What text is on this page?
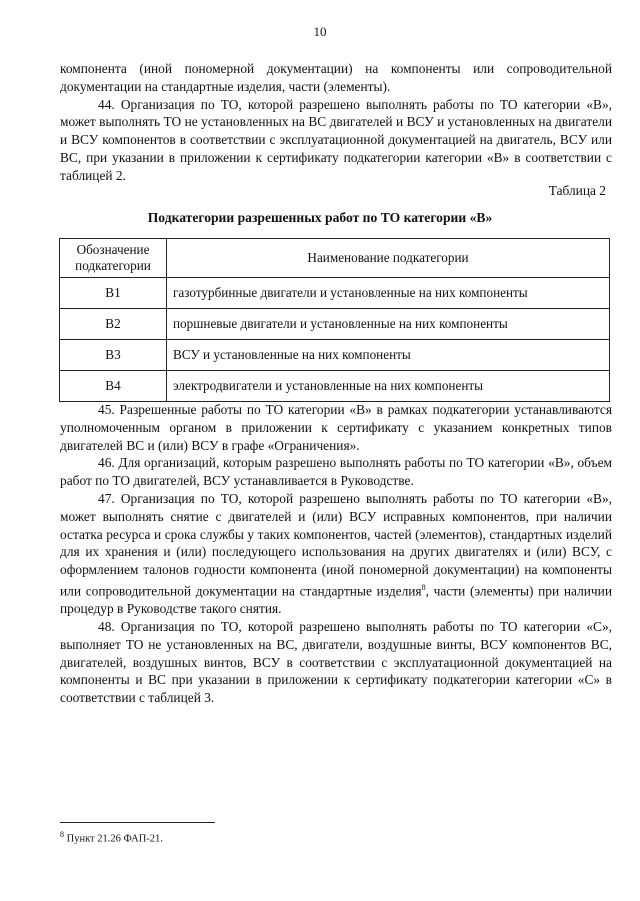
10

компонента (иной пономерной документации) на компоненты или сопроводительной документации на стандартные изделия, части (элементы).

44. Организация по ТО, которой разрешено выполнять работы по ТО категории «В», может выполнять ТО не установленных на ВС двигателей и ВСУ и установленных на двигатели и ВСУ компонентов в соответствии с эксплуатационной документацией на двигатель, ВСУ или ВС, при указании в приложении к сертификату подкатегории категории «В» в соответствии с таблицей 2.

Таблица 2
Подкатегории разрешенных работ по ТО категории «В»
Обозначение подкатегории	Наименование подкатегории
В1	газотурбинные двигатели и установленные на них компоненты
В2	поршневые двигатели и установленные на них компоненты
В3	ВСУ и установленные на них компоненты
В4	электродвигатели и установленные на них компоненты

45. Разрешенные работы по ТО категории «В» в рамках подкатегории устанавливаются уполномоченным органом в приложении к сертификату с указанием конкретных типов двигателей ВС и (или) ВСУ в графе «Ограничения».

46. Для организаций, которым разрешено выполнять работы по ТО категории «В», объем работ по ТО двигателей, ВСУ устанавливается в Руководстве.

47. Организация по ТО, которой разрешено выполнять работы по ТО категории «В», может выполнять снятие с двигателей и (или) ВСУ исправных компонентов, при наличии остатка ресурса и срока службы у таких компонентов, частей (элементов), стандартных изделий для их хранения и (или) последующего использования на других двигателях и (или) ВСУ, с оформлением талонов годности компонента (иной пономерной документации) на компоненты или сопроводительной документации на стандартные изделия$^8$, части (элементы) при наличии процедур в Руководстве такого снятия.

48. Организация по ТО, которой разрешено выполнять работы по ТО категории «С», выполняет ТО не установленных на ВС, двигатели, воздушные винты, ВСУ компонентов ВС, двигателей, воздушных винтов, ВСУ в соответствии с эксплуатационной документацией на компоненты и ВС при указании в приложении к сертификату подкатегории категории «С» в соответствии с таблицей 3.

$^8$ Пункт 21.26 ФАП-21.
